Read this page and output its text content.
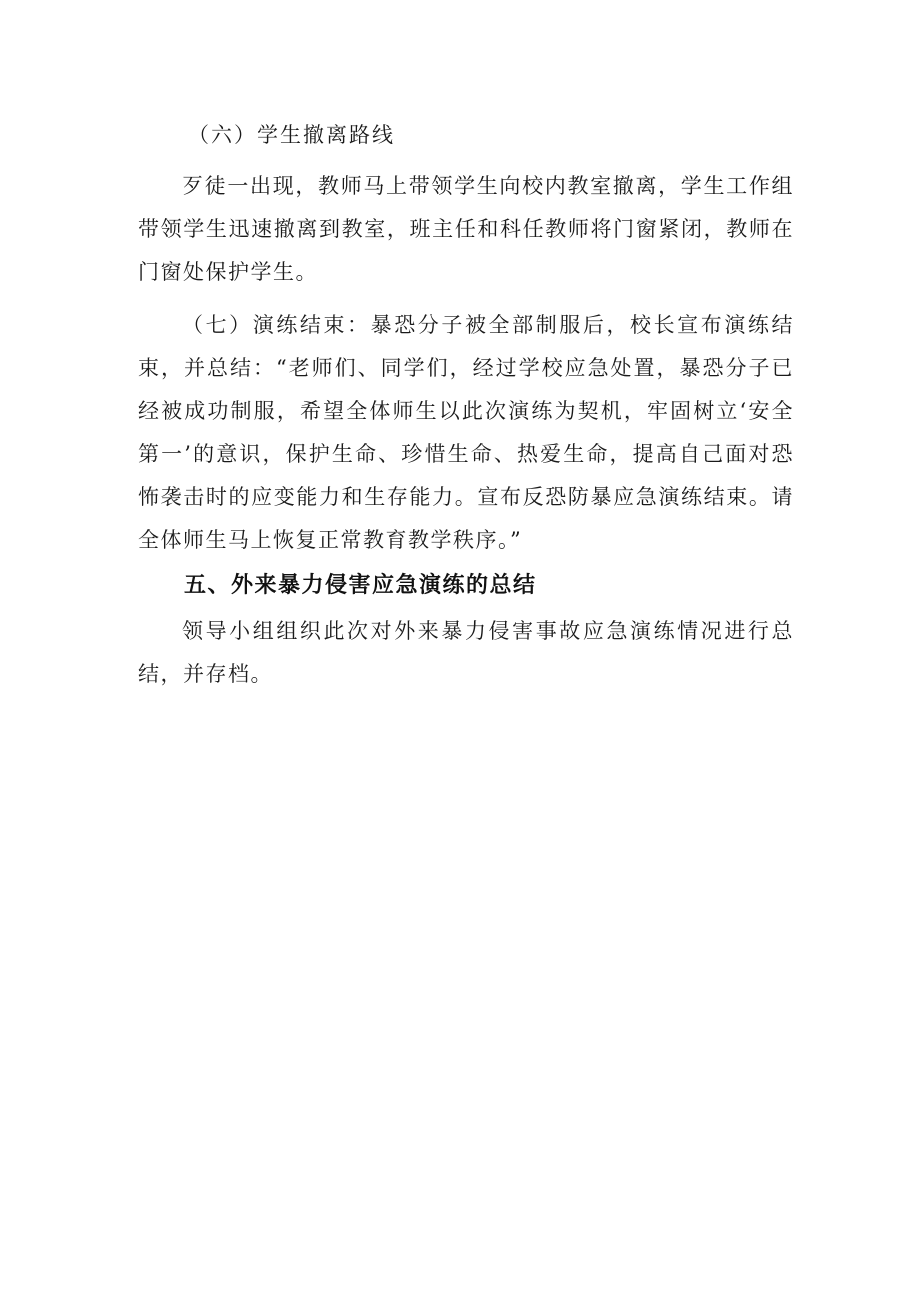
（六）学生撤离路线

歹徒一出现，教师马上带领学生向校内教室撤离，学生工作组带领学生迅速撤离到教室，班主任和科任教师将门窗紧闭，教师在门窗处保护学生。

（七）演练结束：暴恐分子被全部制服后，校长宣布演练结束，并总结：“老师们、同学们，经过学校应急处置，暴恐分子已经被成功制服，希望全体师生以此次演练为契机，牢固树立‘安全第一’的意识，保护生命、珍惜生命、热爱生命，提高自己面对恐怖袭击时的应变能力和生存能力。宣布反恐防暴应急演练结束。请全体师生马上恢复正常教育教学秩序。”

五、外来暴力侵害应急演练的总结

领导小组组织此次对外来暴力侵害事故应急演练情况进行总结，并存档。
